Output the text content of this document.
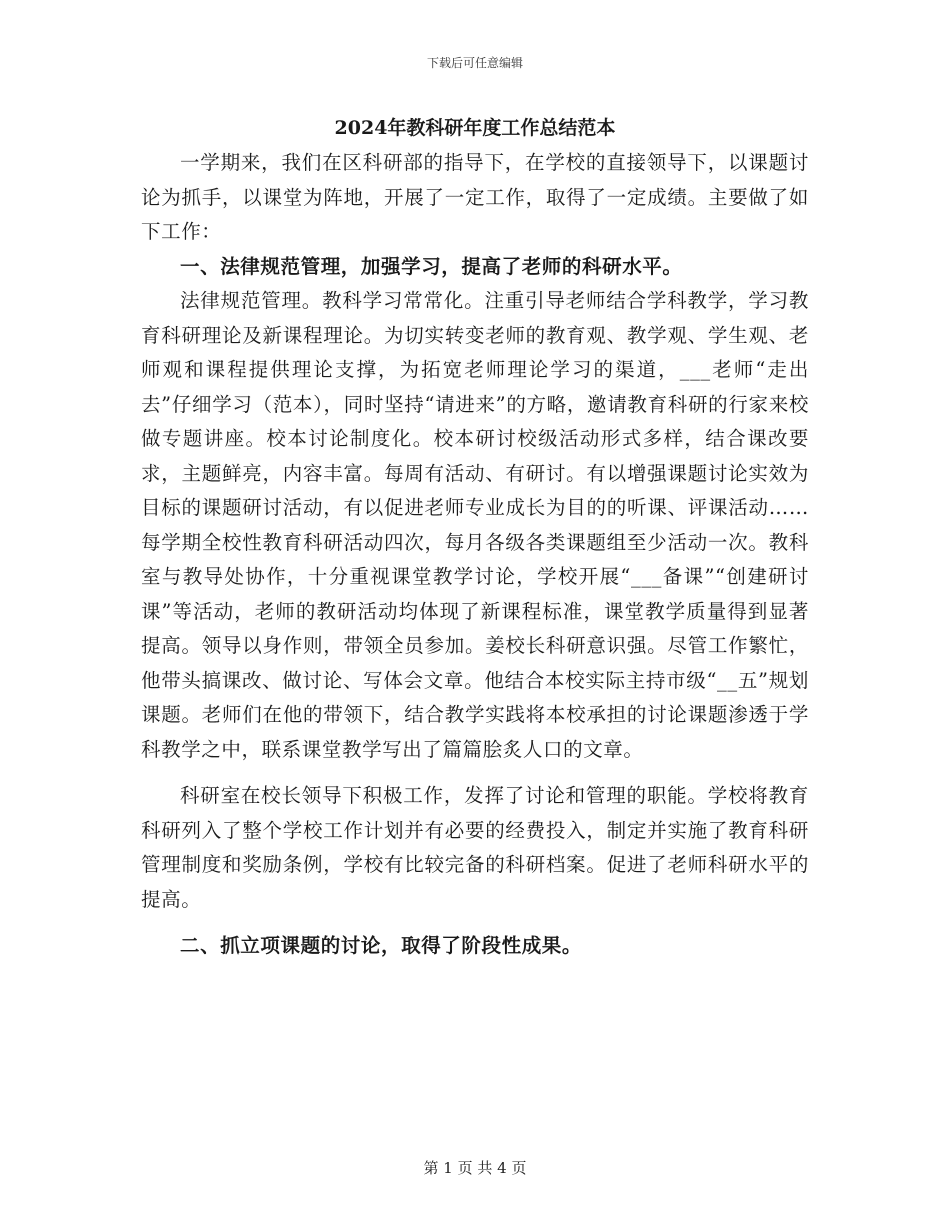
下载后可任意编辑
2024年教科研年度工作总结范本

一学期来，我们在区科研部的指导下，在学校的直接领导下，以课题讨论为抓手，以课堂为阵地，开展了一定工作，取得了一定成绩。主要做了如下工作：

一、法律规范管理，加强学习，提高了老师的科研水平。

法律规范管理。教科学习常常化。注重引导老师结合学科教学，学习教育科研理论及新课程理论。为切实转变老师的教育观、教学观、学生观、老师观和课程提供理论支撑，为拓宽老师理论学习的渠道，___老师“走出去”仔细学习（范本），同时坚持“请进来”的方略，邀请教育科研的行家来校做专题讲座。校本讨论制度化。校本研讨校级活动形式多样，结合课改要求，主题鲜亮，内容丰富。每周有活动、有研讨。有以增强课题讨论实效为目标的课题研讨活动，有以促进老师专业成长为目的的听课、评课活动……每学期全校性教育科研活动四次，每月各级各类课题组至少活动一次。教科室与教导处协作，十分重视课堂教学讨论，学校开展“___备课”“创建研讨课”等活动，老师的教研活动均体现了新课程标准，课堂教学质量得到显著提高。领导以身作则，带领全员参加。姜校长科研意识强。尽管工作繁忙，他带头搞课改、做讨论、写体会文章。他结合本校实际主持市级“__五”规划课题。老师们在他的带领下，结合教学实践将本校承担的讨论课题渗透于学科教学之中，联系课堂教学写出了篇篇脍炙人口的文章。

科研室在校长领导下积极工作，发挥了讨论和管理的职能。学校将教育科研列入了整个学校工作计划并有必要的经费投入，制定并实施了教育科研管理制度和奖励条例，学校有比较完备的科研档案。促进了老师科研水平的提高。

二、抓立项课题的讨论，取得了阶段性成果。

第 1 页 共 4 页
